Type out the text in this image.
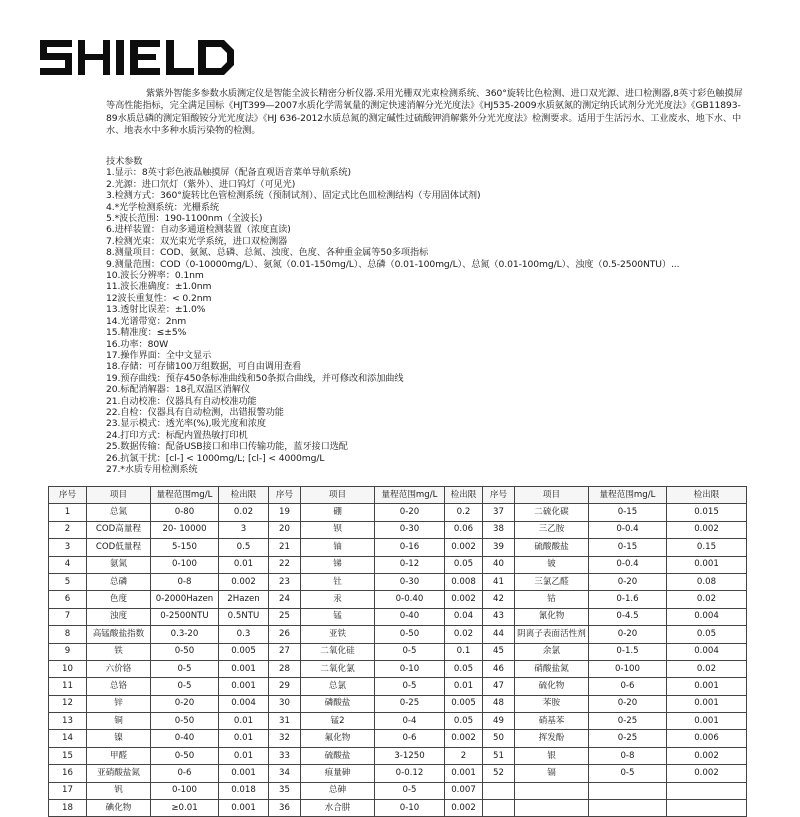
紫紫外智能多参数水质测定仪是智能全波长精密分析仪器.采用光栅双光束检测系统、360°旋转比色检测、进口双光源、进口检测器,8英寸彩色触摸屏等高性能指标，完全满足国标《HJT399—2007水质化学需氧量的测定快速消解分光光度法》《HJ535-2009水质氨氮的测定纳氏试剂分光光度法》《GB11893-89水质总磷的测定钼酸铵分光光度法》《HJ 636-2012水质总氮的测定碱性过硫酸钾消解紫外分光光度法》检测要求。适用于生活污水、工业废水、地下水、中水、地表水中多种水质污染物的检测。

技术参数

1.显示：8英寸彩色液晶触摸屏（配备直观语音菜单导航系统)
2.光源：进口氘灯（紫外）、进口钨灯（可见光)
3.检测方式：360°旋转比色管检测系统（预制试剂）、固定式比色皿检测结构（专用固体试剂)
4.*光学检测系统：光栅系统
5.*波长范围：190-1100nm（全波长)
6.进样装置：自动多通道检测装置（浓度直读)
7.检测光束：双光束光学系统，进口双检测器
8.测量项目：COD、氨氮、总磷、总氮、浊度、色度、各种重金属等50多项指标
9.测量范围：COD（0-10000mg/L）、氨氮（0.01-150mg/L）、总磷（0.01-100mg/L）、总氮（0.01-100mg/L）、浊度（0.5-2500NTU）...
10.波长分辨率：0.1nm
11.波长准确度：±1.0nm
12波长重复性：< 0.2nm
13.透射比误差：±1.0%
14.光谱带宽：2nm
15.精准度：≤±5%
16.功率：80W
17.操作界面：全中文显示
18.存储：可存储100万组数据，可自由调用查看
19.预存曲线：预存450条标准曲线和50条拟合曲线，并可修改和添加曲线
20.标配消解器：18孔双温区消解仪
21.自动校准：仪器具有自动校准功能
22.自检：仪器具有自动检测，出错报警功能
23.显示模式：透光率(%),吸光度和浓度
24.打印方式：标配内置热敏打印机
25.数据传输：配备USB接口和串口传输功能，蓝牙接口选配
26.抗氯干扰：[cl-] < 1000mg/L; [cl-] < 4000mg/L
27.*水质专用检测系统
序号	项目	量程范围mg/L	检出限	序号	项目	量程范围mg/L	检出限	序号	项目	量程范围mg/L	检出限
1	总氮	0-80	0.02	19	硼	0-20	0.2	37	二硫化碳	0-15	0.015
2	COD高量程	20- 10000	3	20	钡	0-30	0.06	38	三乙胺	0-0.4	0.002
3	COD低量程	5-150	0.5	21	铀	0-16	0.002	39	硫酸酸盐	0-15	0.15
4	氨氮	0-100	0.01	22	锑	0-12	0.05	40	铍	0-0.4	0.001
5	总磷	0-8	0.002	23	钍	0-30	0.008	41	三氯乙醛	0-20	0.08
6	色度	0-2000Hazen	2Hazen	24	汞	0-0.40	0.002	42	钴	0-1.6	0.02
7	浊度	0-2500NTU	0.5NTU	25	锰	0-40	0.04	43	氰化物	0-4.5	0.004
8	高锰酸盐指数	0.3-20	0.3	26	亚铁	0-50	0.02	44	阴离子表面活性剂	0-20	0.05
9	铁	0-50	0.005	27	二氧化硅	0-5	0.1	45	余氯	0-1.5	0.004
10	六价铬	0-5	0.001	28	二氧化氯	0-10	0.05	46	硝酸盐氮	0-100	0.02
11	总铬	0-5	0.001	29	总氯	0-5	0.01	47	硫化物	0-6	0.001
12	锌	0-20	0.004	30	磷酸盐	0-25	0.005	48	苯胺	0-20	0.001
13	铜	0-50	0.01	31	锰2	0-4	0.05	49	硝基苯	0-25	0.001
14	镍	0-40	0.01	32	氟化物	0-6	0.002	50	挥发酚	0-25	0.006
15	甲醛	0-50	0.01	33	硫酸盐	3-1250	2	51	银	0-8	0.002
16	亚硝酸盐氮	0-6	0.001	34	痕量砷	0-0.12	0.001	52	镉	0-5	0.002
17	钒	0-100	0.018	35	总砷	0-5	0.007				
18	碘化物	≥0.01	0.001	36	水合肼	0-10	0.002				
